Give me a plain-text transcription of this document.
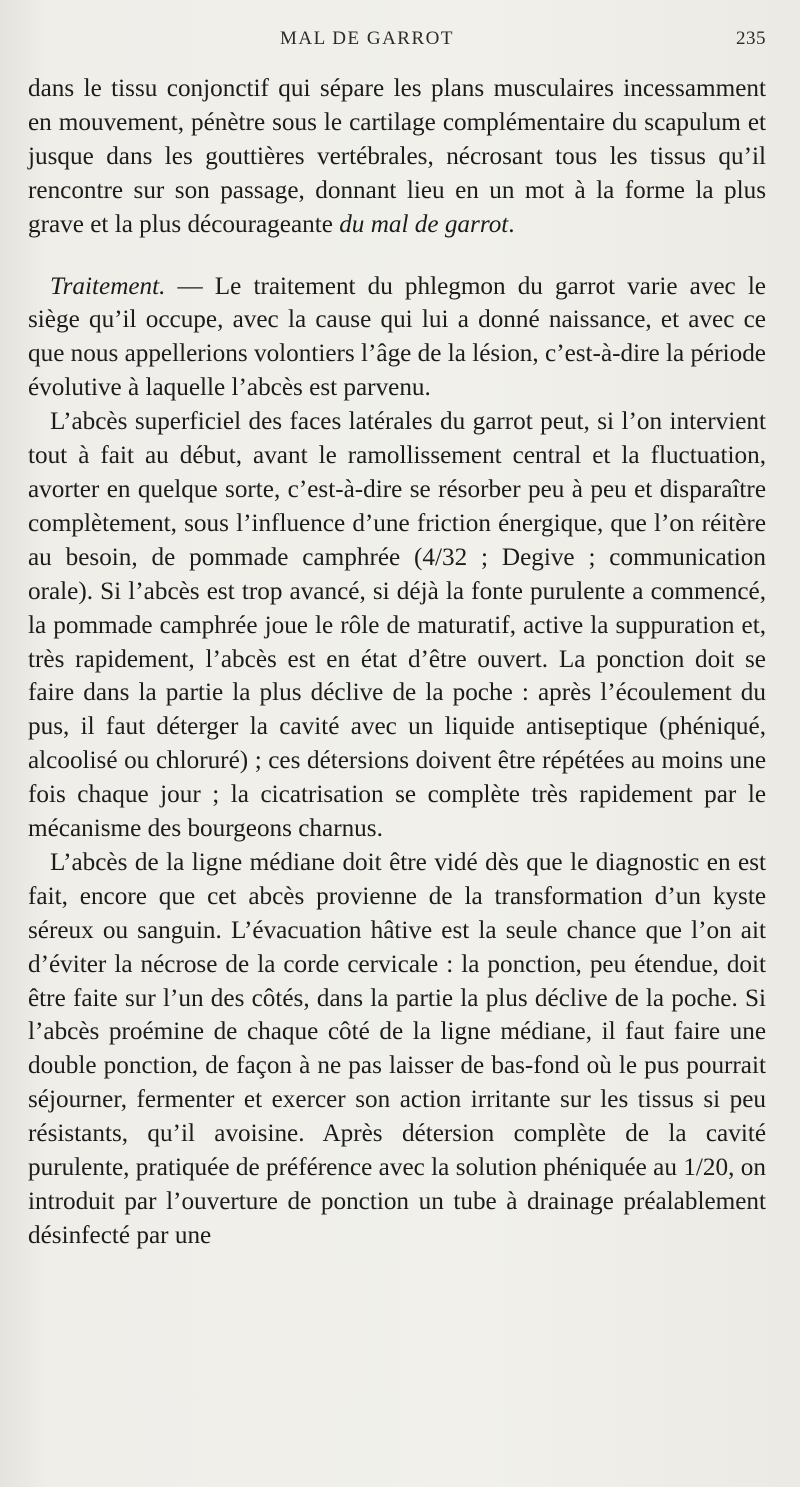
MAL DE GARROT	235

dans le tissu conjonctif qui sépare les plans musculaires incessamment en mouvement, pénètre sous le cartilage complémentaire du scapulum et jusque dans les gouttières vertébrales, nécrosant tous les tissus qu’il rencontre sur son passage, donnant lieu en un mot à la forme la plus grave et la plus décourageante du mal de garrot.

Traitement. — Le traitement du phlegmon du garrot varie avec le siège qu’il occupe, avec la cause qui lui a donné naissance, et avec ce que nous appellerions volontiers l’âge de la lésion, c’est-à-dire la période évolutive à laquelle l’abcès est parvenu.

L’abcès superficiel des faces latérales du garrot peut, si l’on intervient tout à fait au début, avant le ramollissement central et la fluctuation, avorter en quelque sorte, c’est-à-dire se résorber peu à peu et disparaître complètement, sous l’influence d’une friction énergique, que l’on réitère au besoin, de pommade camphrée (4/32 ; Degive ; communication orale). Si l’abcès est trop avancé, si déjà la fonte purulente a commencé, la pommade camphrée joue le rôle de maturatif, active la suppuration et, très rapidement, l’abcès est en état d’être ouvert. La ponction doit se faire dans la partie la plus déclive de la poche : après l’écoulement du pus, il faut déterger la cavité avec un liquide antiseptique (phéniqué, alcoolisé ou chloruré) ; ces détersions doivent être répétées au moins une fois chaque jour ; la cicatrisation se complète très rapidement par le mécanisme des bourgeons charnus.

L’abcès de la ligne médiane doit être vidé dès que le diagnostic en est fait, encore que cet abcès provienne de la transformation d’un kyste séreux ou sanguin. L’évacuation hâtive est la seule chance que l’on ait d’éviter la nécrose de la corde cervicale : la ponction, peu étendue, doit être faite sur l’un des côtés, dans la partie la plus déclive de la poche. Si l’abcès proémine de chaque côté de la ligne médiane, il faut faire une double ponction, de façon à ne pas laisser de bas-fond où le pus pourrait séjourner, fermenter et exercer son action irritante sur les tissus si peu résistants, qu’il avoisine. Après détersion complète de la cavité purulente, pratiquée de préférence avec la solution phéniquée au 1/20, on introduit par l’ouverture de ponction un tube à drainage préalablement désinfecté par une
